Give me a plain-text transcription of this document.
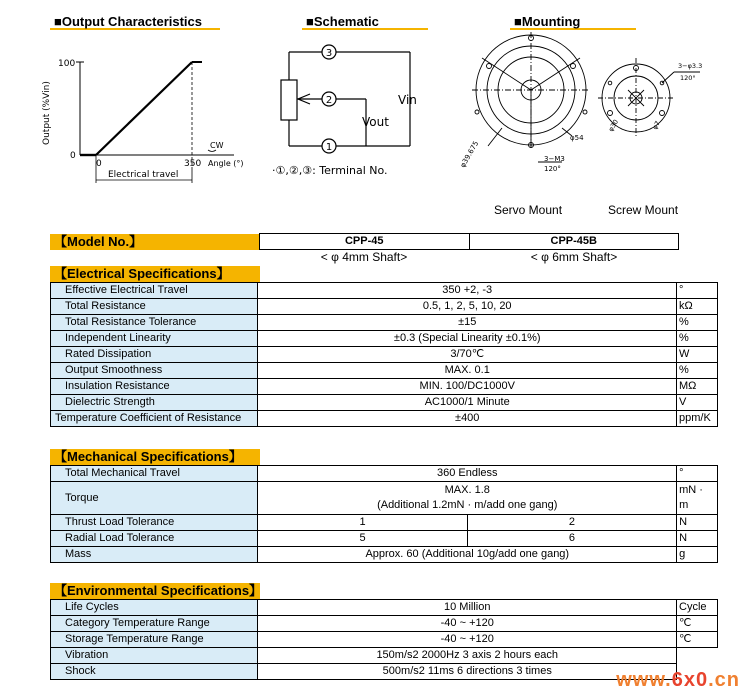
■Output Characteristics	■Schematic	■Mounting
Output (%Vin)
100
0
0	350
CW
Angle (°)
Electrical travel
3
2
1
Vin
Vout
·①,②,③: Terminal No.
φ54
3−M3
120°
φ39.675
3−φ3.3
120°
φ30	φ7
Servo Mount	Screw Mount
【Model No.】	CPP-45	CPP-45B
< φ 4mm Shaft>	< φ 6mm Shaft>
【Electrical Specifications】
Effective Electrical Travel	350 +2, -3	°
Total Resistance	0.5, 1, 2, 5, 10, 20	kΩ
Total Resistance Tolerance	±15	%
Independent Linearity	±0.3 (Special Linearity ±0.1%)	%
Rated Dissipation	3/70℃	W
Output Smoothness	MAX. 0.1	%
Insulation Resistance	MIN. 100/DC1000V	MΩ
Dielectric Strength	AC1000/1 Minute	V
Temperature Coefficient of Resistance	±400	ppm/K
【Mechanical Specifications】
Total Mechanical Travel	360 Endless		°
Torque	MAX. 1.8
(Additional 1.2mN · m/add one gang)		mN · m
Thrust Load Tolerance	1	2	N
Radial Load Tolerance	5	6	N
Mass	Approx. 60 (Additional 10g/add one gang)		g
【Environmental Specifications】
Life Cycles	10 Million	Cycle
Category Temperature Range	-40 ~ +120	℃
Storage Temperature Range	-40 ~ +120	℃
Vibration	150m/s2 2000Hz 3 axis 2 hours each	
Shock	500m/s2 11ms 6 directions 3 times		www.6x0.cn
